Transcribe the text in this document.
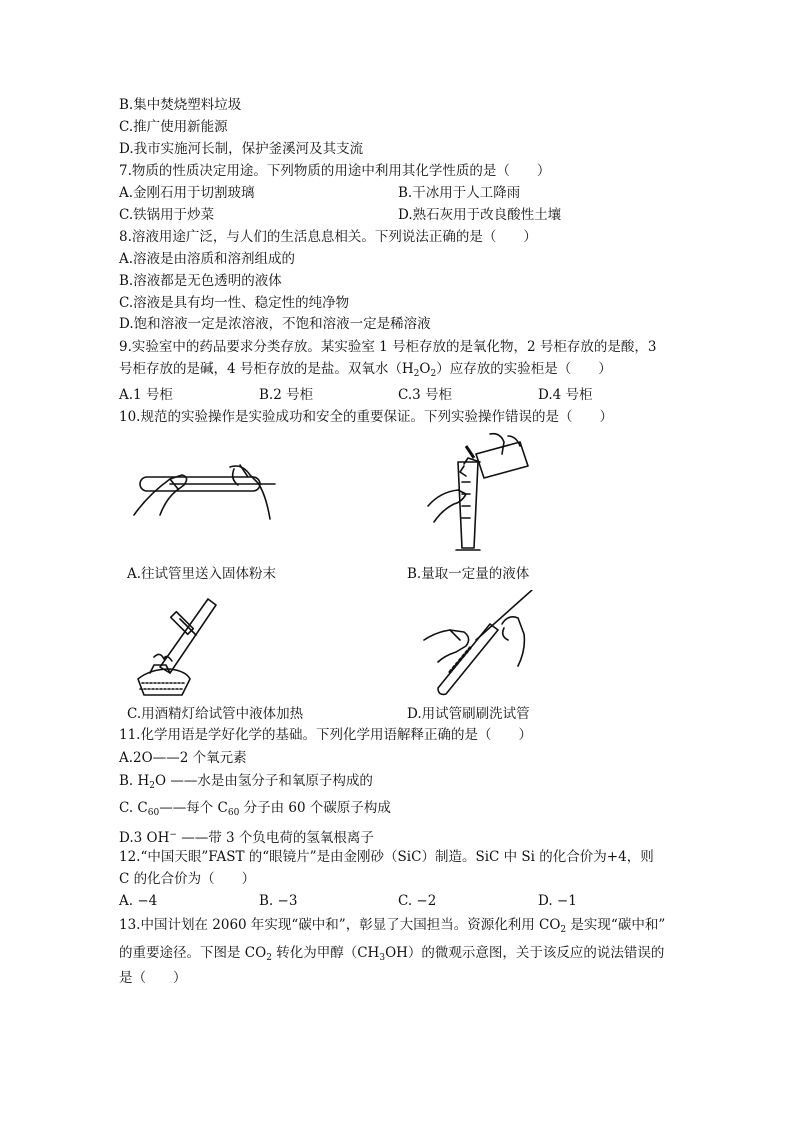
B.集中焚烧塑料垃圾
C.推广使用新能源
D.我市实施河长制，保护釜溪河及其支流
7.物质的性质决定用途。下列物质的用途中利用其化学性质的是（　　）
A.金刚石用于切割玻璃	B.干冰用于人工降雨
C.铁锅用于炒菜	D.熟石灰用于改良酸性土壤
8.溶液用途广泛，与人们的生活息息相关。下列说法正确的是（　　）
A.溶液是由溶质和溶剂组成的
B.溶液都是无色透明的液体
C.溶液是具有均一性、稳定性的纯净物
D.饱和溶液一定是浓溶液，不饱和溶液一定是稀溶液
9.实验室中的药品要求分类存放。某实验室 1 号柜存放的是氧化物，2 号柜存放的是酸，3
号柜存放的是碱，4 号柜存放的是盐。双氧水$(H_2O_2)$应存放的实验柜是（　　）
A.1 号柜	B.2 号柜	C.3 号柜	D.4 号柜
10.规范的实验操作是实验成功和安全的重要保证。下列实验操作错误的是（　　）
A.往试管里送入固体粉末	B.量取一定量的液体
C.用酒精灯给试管中液体加热	D.用试管刷刷洗试管
11.化学用语是学好化学的基础。下列化学用语解释正确的是（　　）
A.2O——2 个氧元素
B. $H_2O$ ——水是由氢分子和氧原子构成的
C. $C_{60}——$每个 $C_{60}$ 分子由 60 个碳原子构成
D.3 OH− ——带 3 个负电荷的氢氧根离子
12.“中国天眼”FAST 的“眼镜片”是由金刚砂（SiC）制造。SiC 中 Si 的化合价为+4，则
C 的化合价为（　　）
A. −4	B. −3	C. −2	D. −1
13.中国计划在 2060 年实现“碳中和”，彰显了大国担当。资源化利用 $CO_2$ 是实现“碳中和”
的重要途径。下图是 $CO_2$ 转化为甲醇$(CH_3OH)$的微观示意图，关于该反应的说法错误的
是（　　）
